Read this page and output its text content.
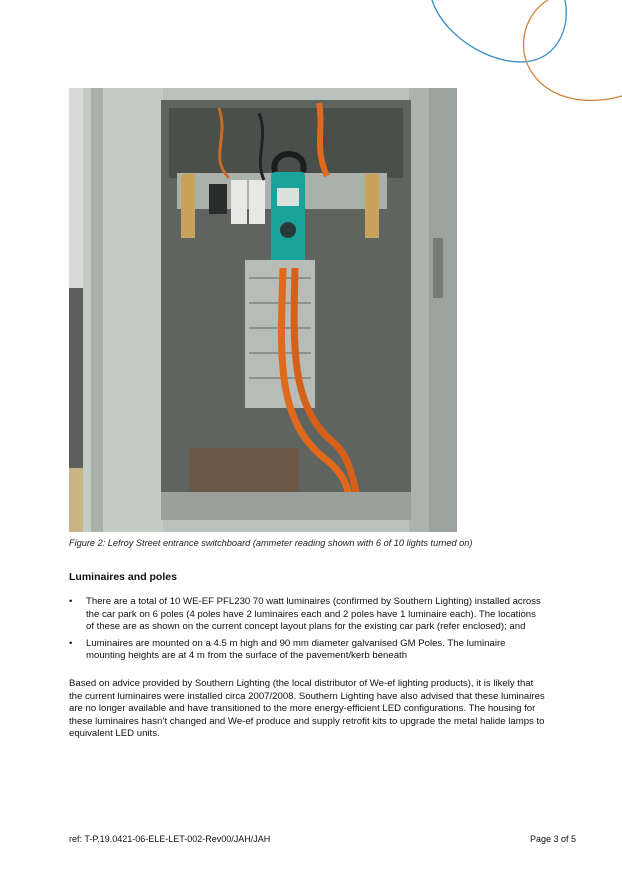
Figure 2: Lefroy Street entrance switchboard (ammeter reading shown with 6 of 10 lights turned on)
Luminaires and poles
• There are a total of 10 WE-EF PFL230 70 watt luminaires (confirmed by Southern Lighting) installed across the car park on 6 poles (4 poles have 2 luminaires each and 2 poles have 1 luminaire each). The locations of these are as shown on the current concept layout plans for the existing car park (refer enclosed); and
• Luminaires are mounted on a 4.5 m high and 90 mm diameter galvanised GM Poles. The luminaire mounting heights are at 4 m from the surface of the pavement/kerb beneath

Based on advice provided by Southern Lighting (the local distributor of We-ef lighting products), it is likely that the current luminaires were installed circa 2007/2008. Southern Lighting have also advised that these luminaires are no longer available and have transitioned to the more energy-efficient LED configurations. The housing for these luminaires hasn’t changed and We-ef produce and supply retrofit kits to upgrade the metal halide lamps to equivalent LED units.

ref: T-P.19.0421-06-ELE-LET-002-Rev00/JAH/JAH	Page 3 of 5
